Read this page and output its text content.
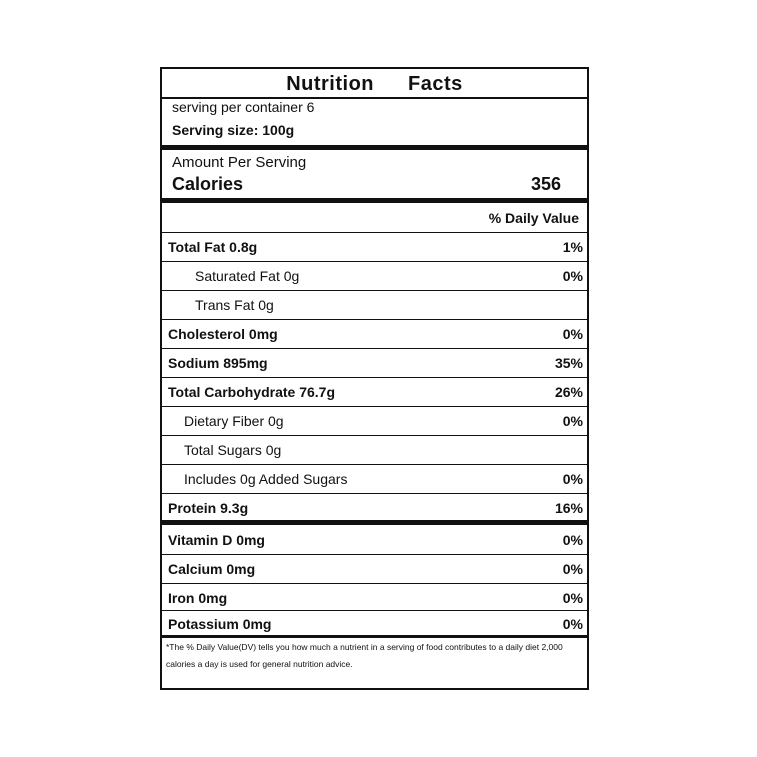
Nutrition Facts
serving per container 6
Serving size: 100g
Amount Per Serving
Calories	356
% Daily Value
Total Fat 0.8g	1%
Saturated Fat 0g	0%
Trans Fat 0g
Cholesterol 0mg	0%
Sodium 895mg	35%
Total Carbohydrate 76.7g	26%
Dietary Fiber 0g	0%
Total Sugars 0g
Includes 0g Added Sugars	0%
Protein 9.3g	16%
Vitamin D 0mg	0%
Calcium 0mg	0%
Iron 0mg	0%
Potassium 0mg	0%
*The % Daily Value(DV) tells you how much a nutrient in a serving of food contributes to a daily diet 2,000 calories a day is used for general nutrition advice.
